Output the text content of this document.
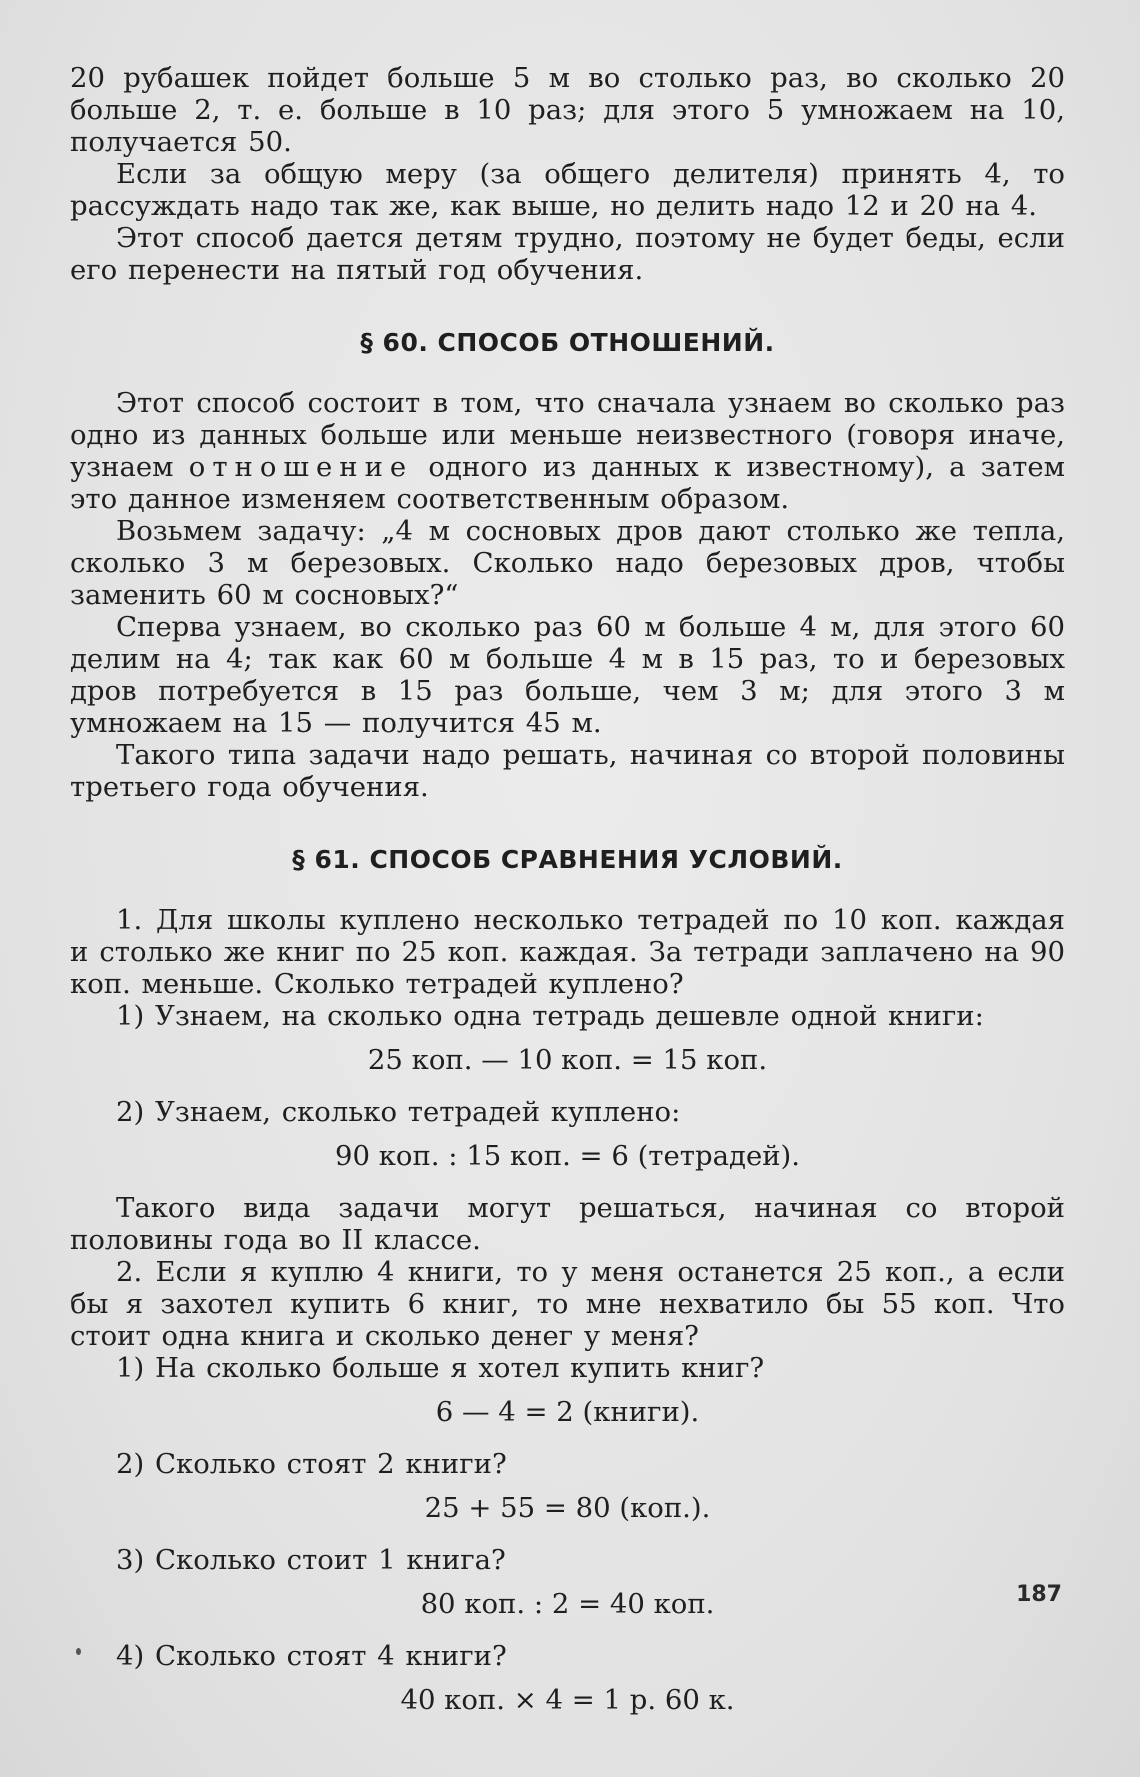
20 рубашек пойдет больше 5 м во столько раз, во сколько 20 больше 2, т. е. больше в 10 раз; для этого 5 умножаем на 10, получается 50.

Если за общую меру (за общего делителя) принять 4, то рассуждать надо так же, как выше, но делить надо 12 и 20 на 4.

Этот способ дается детям трудно, поэтому не будет беды, если его перенести на пятый год обучения.

§ 60. СПОСОБ ОТНОШЕНИЙ.

Этот способ состоит в том, что сначала узнаем во сколько раз одно из данных больше или меньше неизвестного (говоря иначе, узнаем отношение одного из данных к известному), а затем это данное изменяем соответственным образом.

Возьмем задачу: „4 м сосновых дров дают столько же тепла, сколько 3 м березовых. Сколько надо березовых дров, чтобы заменить 60 м сосновых?“

Сперва узнаем, во сколько раз 60 м больше 4 м, для этого 60 делим на 4; так как 60 м больше 4 м в 15 раз, то и березовых дров потребуется в 15 раз больше, чем 3 м; для этого 3 м умножаем на 15 — получится 45 м.

Такого типа задачи надо решать, начиная со второй половины третьего года обучения.

§ 61. СПОСОБ СРАВНЕНИЯ УСЛОВИЙ.

1. Для школы куплено несколько тетрадей по 10 коп. каждая и столько же книг по 25 коп. каждая. За тетради заплачено на 90 коп. меньше. Сколько тетрадей куплено?

1) Узнаем, на сколько одна тетрадь дешевле одной книги:

25 коп. — 10 коп. = 15 коп.

2) Узнаем, сколько тетрадей куплено:

90 коп. : 15 коп. = 6 (тетрадей).

Такого вида задачи могут решаться, начиная со второй половины года во II классе.

2. Если я куплю 4 книги, то у меня останется 25 коп., а если бы я захотел купить 6 книг, то мне нехватило бы 55 коп. Что стоит одна книга и сколько денег у меня?

1) На сколько больше я хотел купить книг?

6 — 4 = 2 (книги).

2) Сколько стоят 2 книги?

25 + 55 = 80 (коп.).

3) Сколько стоит 1 книга?

80 коп. : 2 = 40 коп.

4) Сколько стоят 4 книги?

40 коп. × 4 = 1 р. 60 к.
187
